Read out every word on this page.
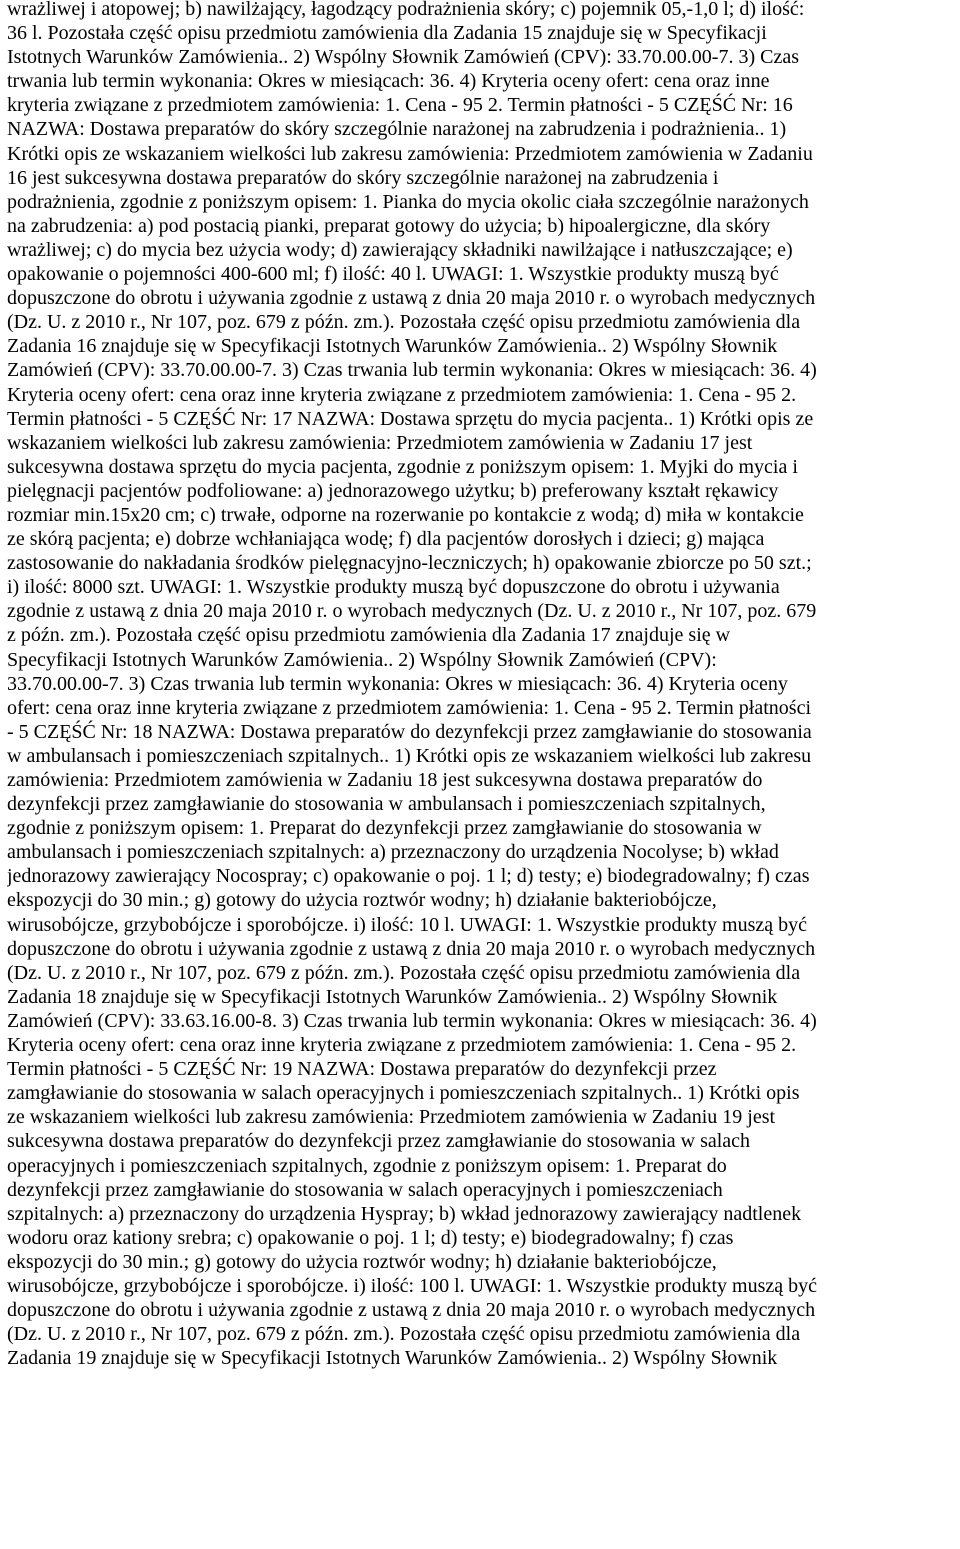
wrażliwej i atopowej; b) nawilżający, łagodzący podrażnienia skóry; c) pojemnik 05,-1,0 l; d) ilość:
36 l. Pozostała część opisu przedmiotu zamówienia dla Zadania 15 znajduje się w Specyfikacji
Istotnych Warunków Zamówienia.. 2) Wspólny Słownik Zamówień (CPV): 33.70.00.00-7. 3) Czas
trwania lub termin wykonania: Okres w miesiącach: 36. 4) Kryteria oceny ofert: cena oraz inne
kryteria związane z przedmiotem zamówienia: 1. Cena - 95 2. Termin płatności - 5 CZĘŚĆ Nr: 16
NAZWA: Dostawa preparatów do skóry szczególnie narażonej na zabrudzenia i podrażnienia.. 1)
Krótki opis ze wskazaniem wielkości lub zakresu zamówienia: Przedmiotem zamówienia w Zadaniu
16 jest sukcesywna dostawa preparatów do skóry szczególnie narażonej na zabrudzenia i
podrażnienia, zgodnie z poniższym opisem: 1. Pianka do mycia okolic ciała szczególnie narażonych
na zabrudzenia: a) pod postacią pianki, preparat gotowy do użycia; b) hipoalergiczne, dla skóry
wrażliwej; c) do mycia bez użycia wody; d) zawierający składniki nawilżające i natłuszczające; e)
opakowanie o pojemności 400-600 ml; f) ilość: 40 l. UWAGI: 1. Wszystkie produkty muszą być
dopuszczone do obrotu i używania zgodnie z ustawą z dnia 20 maja 2010 r. o wyrobach medycznych
(Dz. U. z 2010 r., Nr 107, poz. 679 z późn. zm.). Pozostała część opisu przedmiotu zamówienia dla
Zadania 16 znajduje się w Specyfikacji Istotnych Warunków Zamówienia.. 2) Wspólny Słownik
Zamówień (CPV): 33.70.00.00-7. 3) Czas trwania lub termin wykonania: Okres w miesiącach: 36. 4)
Kryteria oceny ofert: cena oraz inne kryteria związane z przedmiotem zamówienia: 1. Cena - 95 2.
Termin płatności - 5 CZĘŚĆ Nr: 17 NAZWA: Dostawa sprzętu do mycia pacjenta.. 1) Krótki opis ze
wskazaniem wielkości lub zakresu zamówienia: Przedmiotem zamówienia w Zadaniu 17 jest
sukcesywna dostawa sprzętu do mycia pacjenta, zgodnie z poniższym opisem: 1. Myjki do mycia i
pielęgnacji pacjentów podfoliowane: a) jednorazowego użytku; b) preferowany kształt rękawicy
rozmiar min.15x20 cm; c) trwałe, odporne na rozerwanie po kontakcie z wodą; d) miła w kontakcie
ze skórą pacjenta; e) dobrze wchłaniająca wodę; f) dla pacjentów dorosłych i dzieci; g) mająca
zastosowanie do nakładania środków pielęgnacyjno-leczniczych; h) opakowanie zbiorcze po 50 szt.;
i) ilość: 8000 szt. UWAGI: 1. Wszystkie produkty muszą być dopuszczone do obrotu i używania
zgodnie z ustawą z dnia 20 maja 2010 r. o wyrobach medycznych (Dz. U. z 2010 r., Nr 107, poz. 679
z późn. zm.). Pozostała część opisu przedmiotu zamówienia dla Zadania 17 znajduje się w
Specyfikacji Istotnych Warunków Zamówienia.. 2) Wspólny Słownik Zamówień (CPV):
33.70.00.00-7. 3) Czas trwania lub termin wykonania: Okres w miesiącach: 36. 4) Kryteria oceny
ofert: cena oraz inne kryteria związane z przedmiotem zamówienia: 1. Cena - 95 2. Termin płatności
- 5 CZĘŚĆ Nr: 18 NAZWA: Dostawa preparatów do dezynfekcji przez zamgławianie do stosowania
w ambulansach i pomieszczeniach szpitalnych.. 1) Krótki opis ze wskazaniem wielkości lub zakresu
zamówienia: Przedmiotem zamówienia w Zadaniu 18 jest sukcesywna dostawa preparatów do
dezynfekcji przez zamgławianie do stosowania w ambulansach i pomieszczeniach szpitalnych,
zgodnie z poniższym opisem: 1. Preparat do dezynfekcji przez zamgławianie do stosowania w
ambulansach i pomieszczeniach szpitalnych: a) przeznaczony do urządzenia Nocolyse; b) wkład
jednorazowy zawierający Nocospray; c) opakowanie o poj. 1 l; d) testy; e) biodegradowalny; f) czas
ekspozycji do 30 min.; g) gotowy do użycia roztwór wodny; h) działanie bakteriobójcze,
wirusobójcze, grzybobójcze i sporobójcze. i) ilość: 10 l. UWAGI: 1. Wszystkie produkty muszą być
dopuszczone do obrotu i używania zgodnie z ustawą z dnia 20 maja 2010 r. o wyrobach medycznych
(Dz. U. z 2010 r., Nr 107, poz. 679 z późn. zm.). Pozostała część opisu przedmiotu zamówienia dla
Zadania 18 znajduje się w Specyfikacji Istotnych Warunków Zamówienia.. 2) Wspólny Słownik
Zamówień (CPV): 33.63.16.00-8. 3) Czas trwania lub termin wykonania: Okres w miesiącach: 36. 4)
Kryteria oceny ofert: cena oraz inne kryteria związane z przedmiotem zamówienia: 1. Cena - 95 2.
Termin płatności - 5 CZĘŚĆ Nr: 19 NAZWA: Dostawa preparatów do dezynfekcji przez
zamgławianie do stosowania w salach operacyjnych i pomieszczeniach szpitalnych.. 1) Krótki opis
ze wskazaniem wielkości lub zakresu zamówienia: Przedmiotem zamówienia w Zadaniu 19 jest
sukcesywna dostawa preparatów do dezynfekcji przez zamgławianie do stosowania w salach
operacyjnych i pomieszczeniach szpitalnych, zgodnie z poniższym opisem: 1. Preparat do
dezynfekcji przez zamgławianie do stosowania w salach operacyjnych i pomieszczeniach
szpitalnych: a) przeznaczony do urządzenia Hyspray; b) wkład jednorazowy zawierający nadtlenek
wodoru oraz kationy srebra; c) opakowanie o poj. 1 l; d) testy; e) biodegradowalny; f) czas
ekspozycji do 30 min.; g) gotowy do użycia roztwór wodny; h) działanie bakteriobójcze,
wirusobójcze, grzybobójcze i sporobójcze. i) ilość: 100 l. UWAGI: 1. Wszystkie produkty muszą być
dopuszczone do obrotu i używania zgodnie z ustawą z dnia 20 maja 2010 r. o wyrobach medycznych
(Dz. U. z 2010 r., Nr 107, poz. 679 z późn. zm.). Pozostała część opisu przedmiotu zamówienia dla
Zadania 19 znajduje się w Specyfikacji Istotnych Warunków Zamówienia.. 2) Wspólny Słownik
